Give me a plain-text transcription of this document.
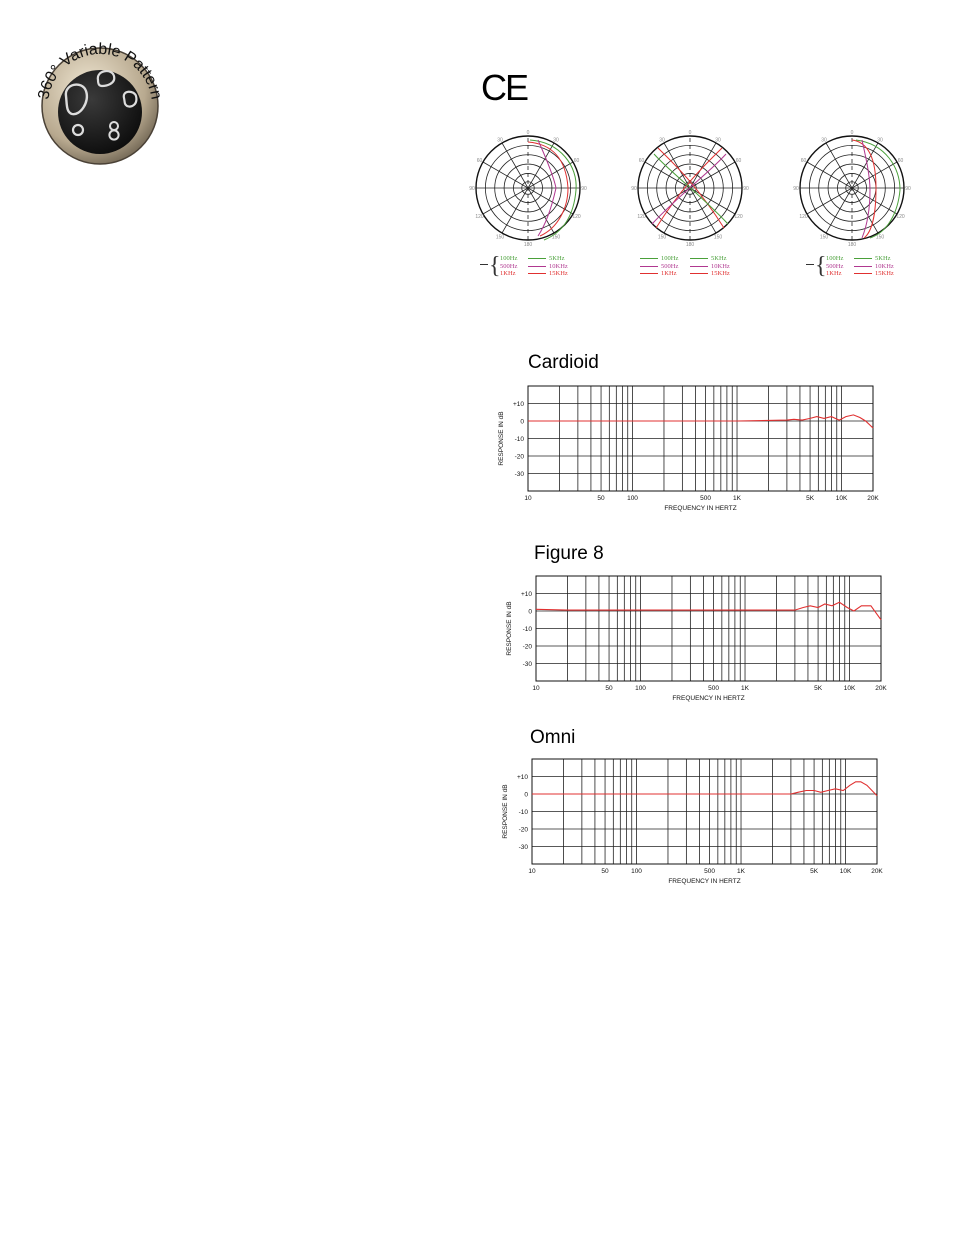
360° Variable Pattern	CE
0
30
60
90
120
150
180
150
120
90
60
30
0
30
60
90
120
150
180
150
120
90
60
30
0
30
60
90
120
150
180
150
120
90
60
30
{ 100Hz
500Hz
1KHz
5KHz
10KHz
15KHz
100Hz
500Hz
1KHz
5KHz
10KHz
15KHz	{ 100Hz
500Hz
1KHz
5KHz
10KHz
15KHz
Cardioid
+10
0
-10
-20
-30
10	50	100	500	1K	5K	10K	20K
FREQUENCY IN HERTZ
RESPONSE IN dB
Figure 8
+10
0
-10
-20
-30
10	50	100	500	1K	5K	10K	20K
FREQUENCY IN HERTZ
RESPONSE IN dB
Omni
+10
0
-10
-20
-30
10	50	100	500	1K	5K	10K	20K
FREQUENCY IN HERTZ
RESPONSE IN dB
